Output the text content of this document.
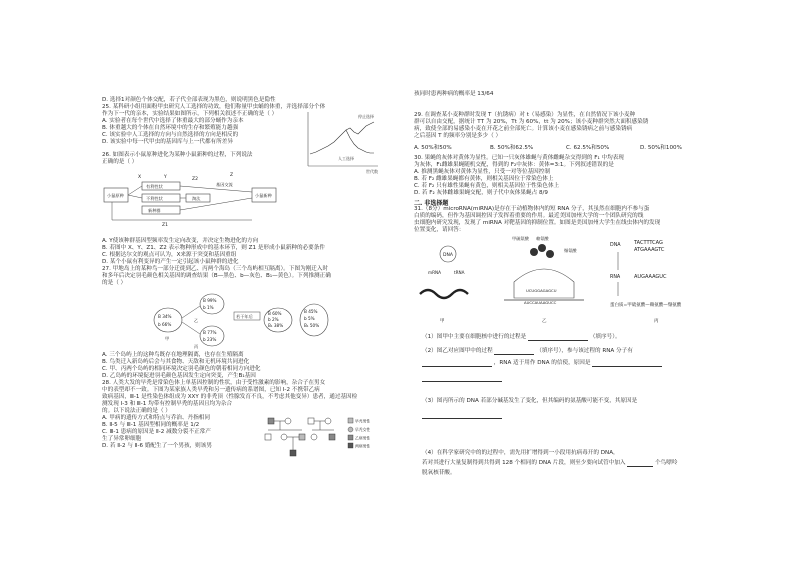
D. 选择1对颜色个体交配，若子代全部表现为黑色，则说明黑色是隐性
25. 某科研小组用面粉甲虫研究人工选择的功效，他们称量甲虫蛹的体重，并选择部分个体
作为下一代的亲本，实验结果如图所示，下列相关叙述不正确的是（ ）
A. 实验者在每个世代中选择了体重最大的部分蛹作为亲本
B. 体重越大的个体在自然环境中的生存和繁殖能力越强
C. 该实验中人工选择的方向与自然选择的方向是相反的
D. 该实验中每一代甲虫的基因库与上一代都有所差异
停止选择
人工选择
世代数
26. 如图表示小鼠原种进化为某种小鼠新种的过程，下列说法
正确的是（ ）
小鼠原种
X	Y
有利性状
不利性状	淘汰
新种群
基因交流
Z2
Z1
Z
小鼠新种
A. Y使该种群基因型频率发生定向改变，并决定生物进化的方向
B. 若图中 X、Y、Z1、Z2 表示物种形成中的基本环节，则 Z1 是形成小鼠新种的必要条件
C. 根据达尔文的观点可认为，X来源于突变和基因重组
D. 某个小鼠有利变异的产生一定引起该小鼠种群的进化
27. 甲地岛上的某种鸟一部分迁徙到乙、丙两个海岛（三个岛屿相互隔离）。下图为刚迁入时
和多年后决定羽毛颜色相关基因的调查结果（B—黑色、b—灰色、B₁—黄色）。下列推测正确
的是（ ）
B 34%
b 66%
甲
B 99%
b 1%
乙
B 77%
b 23%
丙
若干年后
B 60%
b 2%
B₁ 38%
B 45%
b 5%
B₁ 50%
A. 三个岛屿上的这种鸟既存在地理隔离，也存在生殖隔离
B. 鸟类迁入新岛屿后会与其食物、天敌和无机环境共同进化
C. 甲、丙两个岛屿的相同环境决定羽毛颜色的朝着相同方向进化
D. 乙岛屿的环境促进羽毛颜色基因发生定向突变，产生B₁基因
28. 人类大发的早秃是常染色体上单基因控制的性状，由于受性激素的影响，杂合子在男女
中的表型却不一致。下图为某家族人类早秃和另一遗传病的系谱图，已知 Ⅰ-2 不携带乙病
致病基因，Ⅲ-1 是性染色体组成为 XXY 的非秃顶（性腺发育不良，不考虑其他变异）患者，通过基因检
测发现 Ⅰ-3 和 Ⅲ-1 均带有控制早秃的基因且均为杂合
的。以下说法正确的是（ ）
A. 甲病的遗传方式和特点与乔治、丹指相同
B. Ⅱ-5 与 Ⅲ-1 基因型相同的概率是 1/2
C. Ⅲ-1 患病的原因是 Ⅱ-2 减数分裂不正常产
生了异常卵细胞
D. 若 Ⅱ-2 与 Ⅱ-6 婚配生了一个男孩，则该男
早秃男性
早秃女性
乙病男性
两病男性
孩同时患两种病的概率是 13/64
29. 在调查某小麦种群时发现 T（抗锈病）对 t（易感染）为显性，在自然情况下该小麦种
群可以自由交配，据统计 TT 为 20%，Tt 为 60%，tt 为 20%；该小麦种群突然大面积感染锈
病，致使全部的易感染小麦在开花之前全部死亡。计算该小麦在感染锈病之前与感染锈病
之后基因 T 的频率分别是多少（ ）
A. 50%和50%	B. 50%和62.5%	C. 62.5%和50%	D. 50%和100%
30. 果蝇的灰体对黄体为显性。已知一只灰体雄蝇与黄体雌蝇杂交得到的 F₁ 中均表现
为灰体，F₁雌雄果蝇随机交配，得到的 F₂中灰体：黄体=3:1。下列叙述错误的是
A. 推测黑蝇灰体对黄体为显性，只受一对等位基因控制
B. 若 F₂ 雌雄果蝇都有黄体，则相关基因位于常染色体上
C. 若 F₂ 只有雄性果蝇有黄色，则相关基因位于性染色体上
D. 若 F₂ 灰体雌雄果蝇交配，则子代中灰体果蝇占 8/9
二. 非选择题
31.（8分）microRNA(miRNA)是存在于动植物体内的短 RNA 分子，其虽然在细胞内不参与蛋
白质的编码，但作为基因调控因子发挥着重要的作用。最近美国加州大学的一个团队研究的线
虫细胞内研究发现，发现了 miRNA 对靶基因的抑制位置。如图是美国加州大学生在线虫体内的发现
位置变化，请回答：
DNA
mRNA	tRNA
甲
甲硫氨酸 赖氨酸
缬氨酸
UCUGGAGAGCU
AUCCAUAAGUCC
乙
DNA	TACTTTCAG
ATGAAAGTC
RNA	AUGAAAGUC
蛋白质=甲硫氨酸—赖氨酸—缬氨酸
丙
（1）图甲中主要在细胞核中进行的过程是	（填序号）。
（2）图乙对应图甲中的过程	（填序号），参与该过程的 RNA 分子有
，RNA 适于用作 DNA 的信使，原因是
（3）图丙所示的 DNA 若部分碱基发生了变化，但其编码的氨基酸可能不变，其原因是
（4）在科学家研究中的的过程中，需先用扩增得到一小段用抗病毒开的 DNA，
若对其进行大量复制得到共得到 128 个相同的 DNA 片段，则至少要向试管中加入	个鸟嘌呤
脱氧核苷酸。
